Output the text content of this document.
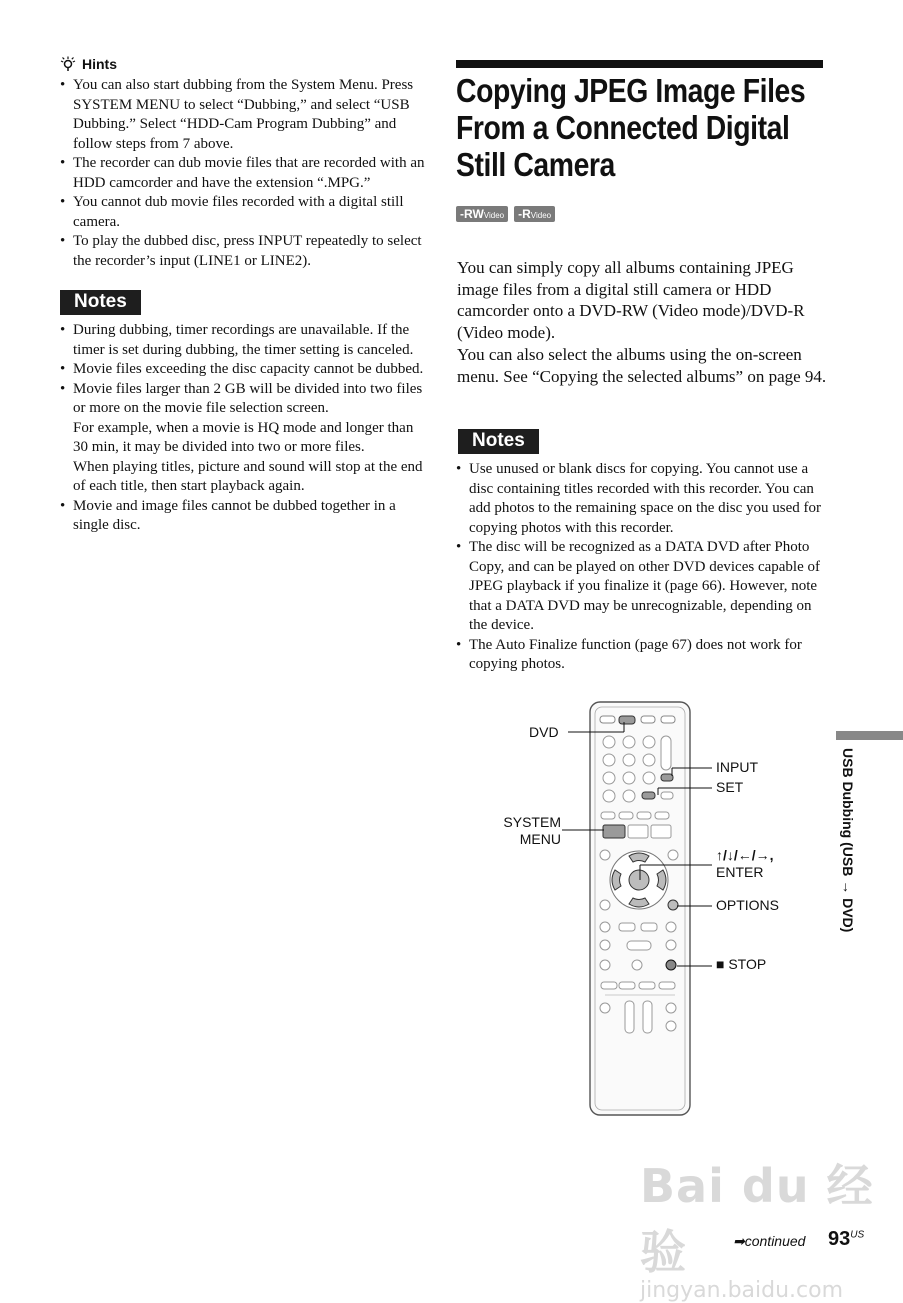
Hints
• You can also start dubbing from the System Menu. Press SYSTEM MENU to select “Dubbing,” and select “USB Dubbing.” Select “HDD-Cam Program Dubbing” and follow steps from 7 above.
• The recorder can dub movie files that are recorded with an HDD camcorder and have the extension “.MPG.”
• You cannot dub movie files recorded with a digital still camera.
• To play the dubbed disc, press INPUT repeatedly to select the recorder’s input (LINE1 or LINE2).
Notes
• During dubbing, timer recordings are unavailable. If the timer is set during dubbing, the timer setting is canceled.
• Movie files exceeding the disc capacity cannot be dubbed.
• Movie files larger than 2 GB will be divided into two files or more on the movie file selection screen.
For example, when a movie is HQ mode and longer than 30 min, it may be divided into two or more files.
When playing titles, picture and sound will stop at the end of each title, then start playback again.
• Movie and image files cannot be dubbed together in a single disc.
Copying JPEG Image Files
From a Connected Digital
Still Camera
-RWVideo	-RVideo
You can simply copy all albums containing JPEG image files from a digital still camera or HDD camcorder onto a DVD-RW (Video mode)/DVD-R (Video mode).
You can also select the albums using the on-screen menu. See “Copying the selected albums” on page 94.
Notes
• Use unused or blank discs for copying. You cannot use a disc containing titles recorded with this recorder. You can add photos to the remaining space on the disc you used for copying photos with this recorder.
• The disc will be recognized as a DATA DVD after Photo Copy, and can be played on other DVD devices capable of JPEG playback if you finalize it (page 66). However, note that a DATA DVD may be unrecognizable, depending on the device.
• The Auto Finalize function (page 67) does not work for copying photos.
DVD
INPUT
SET
SYSTEM
MENU
↑/↓/←/→,
ENTER
OPTIONS
■ STOP
USB Dubbing (USB → DVD)
Bai du 经验
jingyan.baidu.com
➡continued $93^{US}$
